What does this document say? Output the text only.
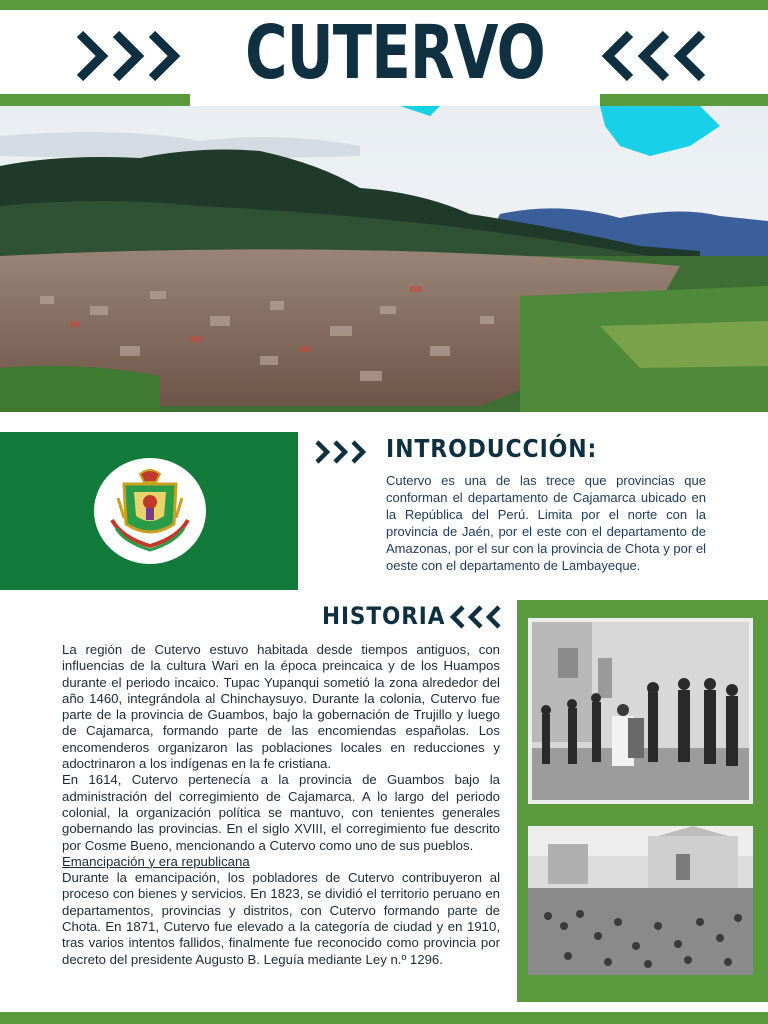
CUTERVO
INTRODUCCIÓN:
Cutervo es una de las trece que provincias que conforman el departamento de Cajamarca ubicado en la República del Perú. Limita por el norte con la provincia de Jaén, por el este con el departamento de Amazonas, por el sur con la provincia de Chota y por el oeste con el departamento de Lambayeque.
HISTORIA

La región de Cutervo estuvo habitada desde tiempos antiguos, con influencias de la cultura Wari en la época preincaica y de los Huampos durante el periodo incaico. Tupac Yupanqui sometió la zona alrededor del año 1460, integrándola al Chinchaysuyo. Durante la colonia, Cutervo fue parte de la provincia de Guambos, bajo la gobernación de Trujillo y luego de Cajamarca, formando parte de las encomiendas españolas. Los encomenderos organizaron las poblaciones locales en reducciones y adoctrinaron a los indígenas en la fe cristiana.

En 1614, Cutervo pertenecía a la provincia de Guambos bajo la administración del corregimiento de Cajamarca. A lo largo del periodo colonial, la organización política se mantuvo, con tenientes generales gobernando las provincias. En el siglo XVIII, el corregimiento fue descrito por Cosme Bueno, mencionando a Cutervo como uno de sus pueblos.

Emancipación y era republicana

Durante la emancipación, los pobladores de Cutervo contribuyeron al proceso con bienes y servicios. En 1823, se dividió el territorio peruano en departamentos, provincias y distritos, con Cutervo formando parte de Chota. En 1871, Cutervo fue elevado a la categoría de ciudad y en 1910, tras varios intentos fallidos, finalmente fue reconocido como provincia por decreto del presidente Augusto B. Leguía mediante Ley n.º 1296.
